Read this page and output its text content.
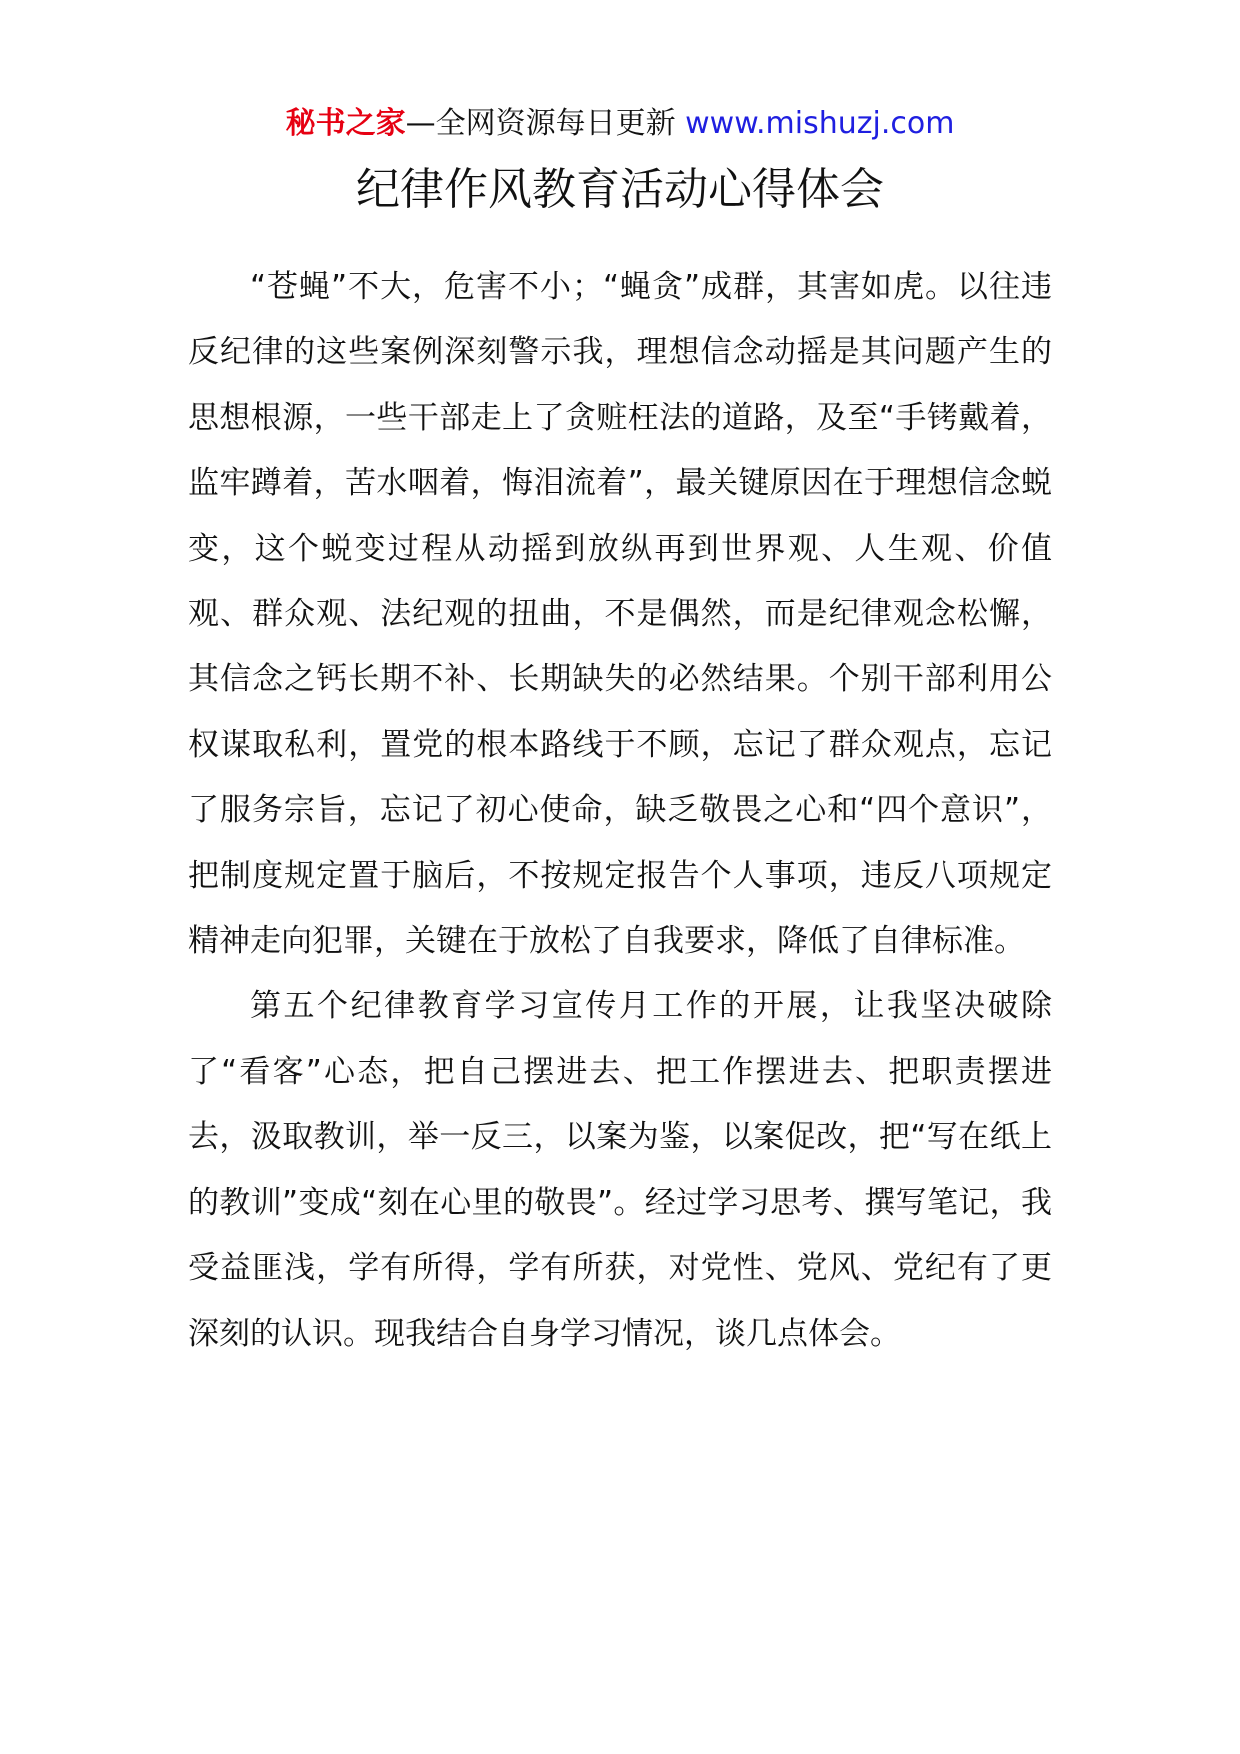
秘书之家—全网资源每日更新 www.mishuzj.com
纪律作风教育活动心得体会

“苍蝇”不大，危害不小；“蝇贪”成群，其害如虎。以往违反纪律的这些案例深刻警示我，理想信念动摇是其问题产生的思想根源，一些干部走上了贪赃枉法的道路，及至“手铐戴着，监牢蹲着，苦水咽着，悔泪流着”，最关键原因在于理想信念蜕变，这个蜕变过程从动摇到放纵再到世界观、人生观、价值观、群众观、法纪观的扭曲，不是偶然，而是纪律观念松懈，其信念之钙长期不补、长期缺失的必然结果。个别干部利用公权谋取私利，置党的根本路线于不顾，忘记了群众观点，忘记了服务宗旨，忘记了初心使命，缺乏敬畏之心和“四个意识”，把制度规定置于脑后，不按规定报告个人事项，违反八项规定精神走向犯罪，关键在于放松了自我要求，降低了自律标准。

第五个纪律教育学习宣传月工作的开展，让我坚决破除了“看客”心态，把自己摆进去、把工作摆进去、把职责摆进去，汲取教训，举一反三，以案为鉴，以案促改，把“写在纸上的教训”变成“刻在心里的敬畏”。经过学习思考、撰写笔记，我受益匪浅，学有所得，学有所获，对党性、党风、党纪有了更深刻的认识。现我结合自身学习情况，谈几点体会。
